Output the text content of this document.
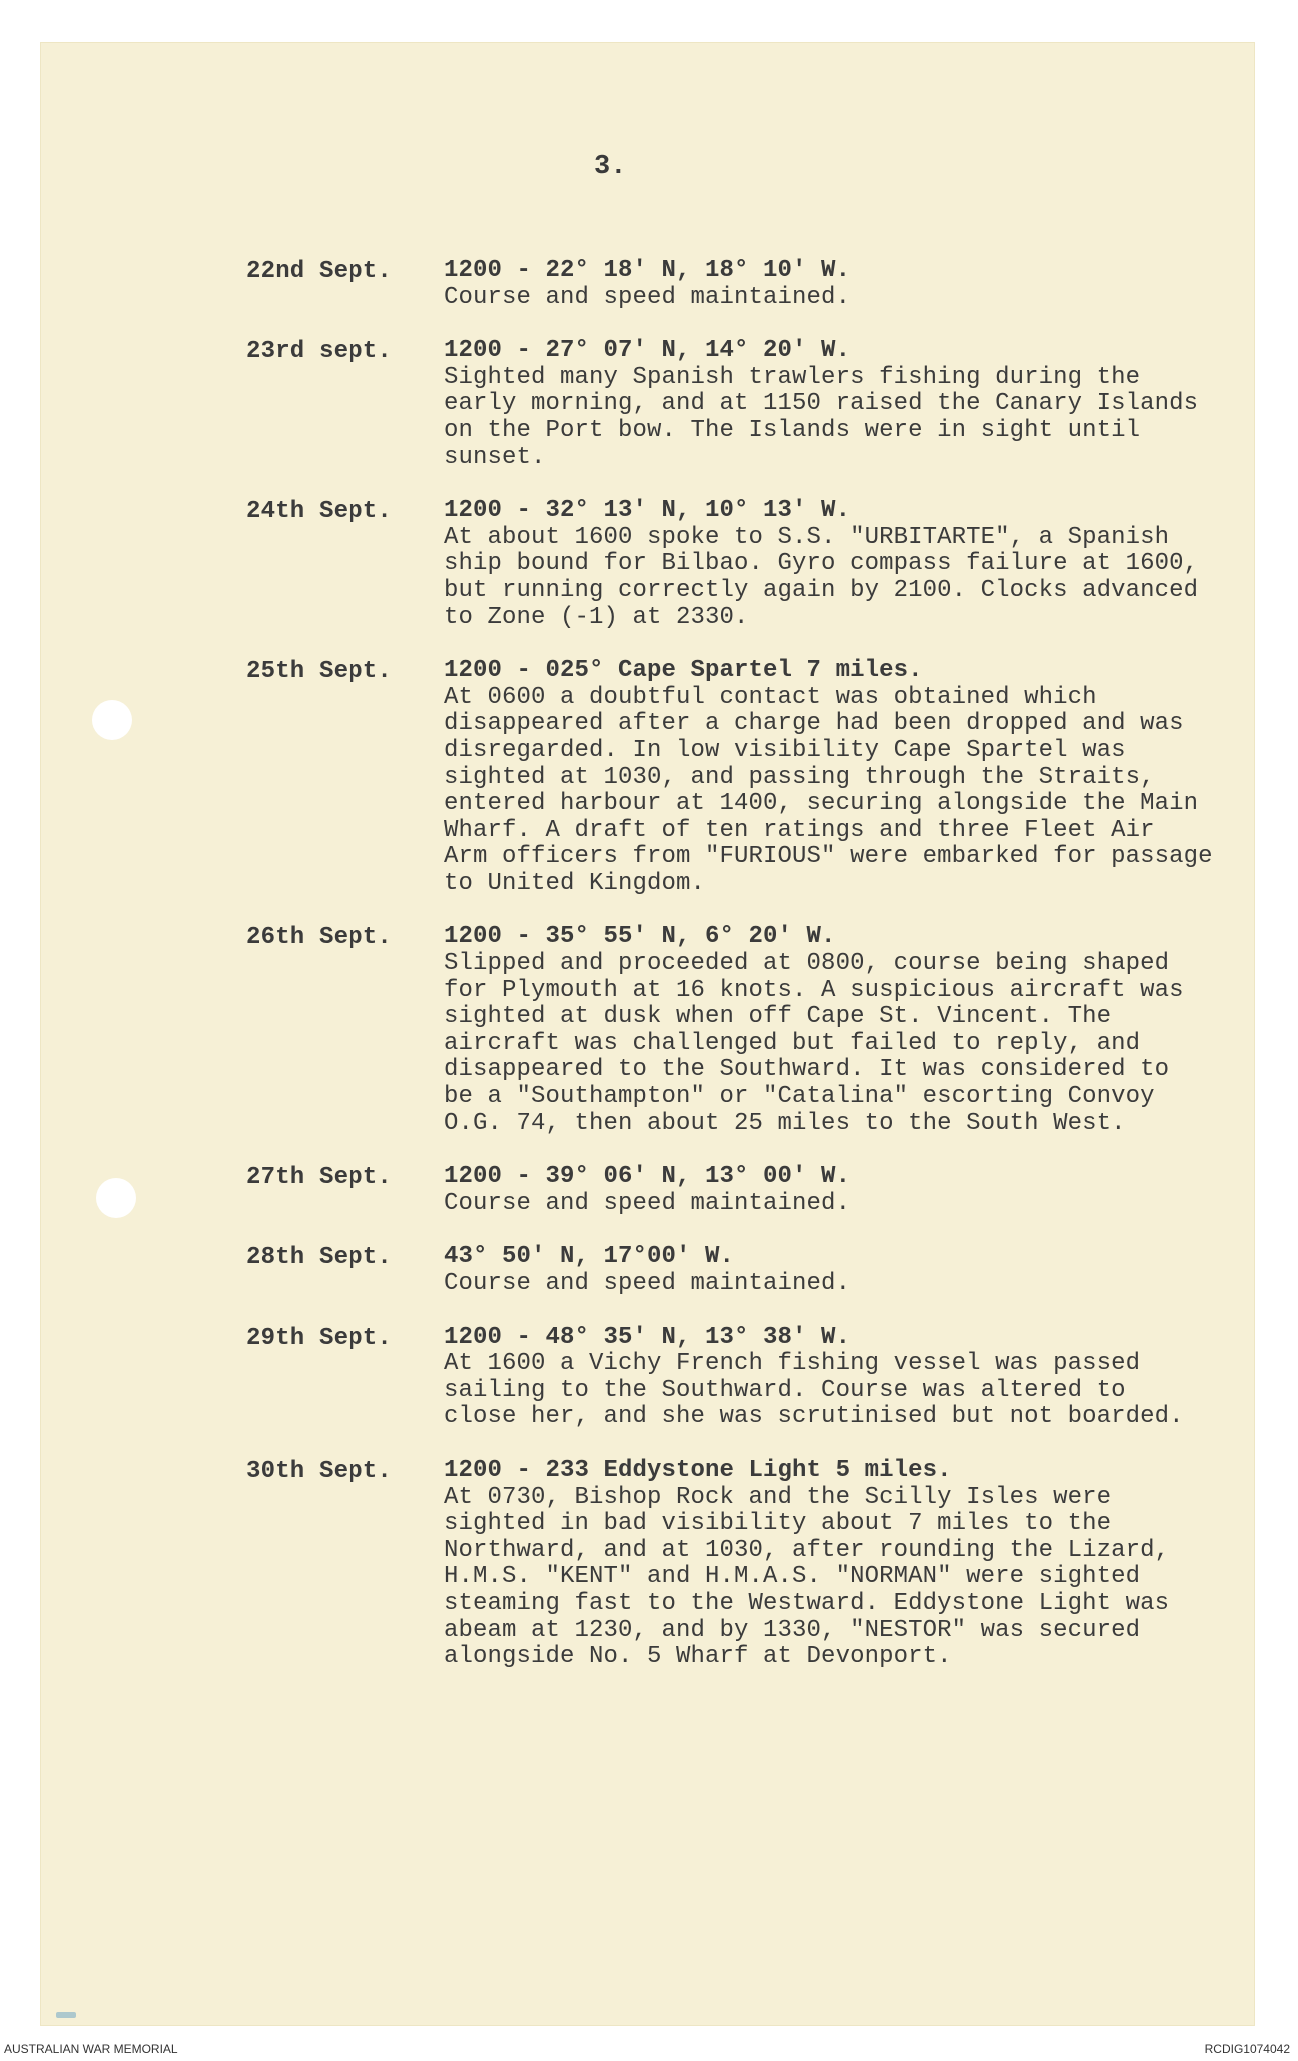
3.
22nd Sept.	1200 - 22° 18' N, 18° 10' W.
Course and speed maintained.
23rd sept.	1200 - 27° 07' N, 14° 20' W.
Sighted many Spanish trawlers fishing during the
early morning, and at 1150 raised the Canary Islands
on the Port bow. The Islands were in sight until
sunset.
24th Sept.	1200 - 32° 13' N, 10° 13' W.
At about 1600 spoke to S.S. "URBITARTE", a Spanish
ship bound for Bilbao. Gyro compass failure at 1600,
but running correctly again by 2100. Clocks advanced
to Zone (-1) at 2330.
25th Sept.	1200 - 025° Cape Spartel 7 miles.
At 0600 a doubtful contact was obtained which
disappeared after a charge had been dropped and was
disregarded. In low visibility Cape Spartel was
sighted at 1030, and passing through the Straits,
entered harbour at 1400, securing alongside the Main
Wharf. A draft of ten ratings and three Fleet Air
Arm officers from "FURIOUS" were embarked for passage
to United Kingdom.
26th Sept.	1200 - 35° 55' N, 6° 20' W.
Slipped and proceeded at 0800, course being shaped
for Plymouth at 16 knots. A suspicious aircraft was
sighted at dusk when off Cape St. Vincent. The
aircraft was challenged but failed to reply, and
disappeared to the Southward. It was considered to
be a "Southampton" or "Catalina" escorting Convoy
O.G. 74, then about 25 miles to the South West.
27th Sept.	1200 - 39° 06' N, 13° 00' W.
Course and speed maintained.
28th Sept.	43° 50' N, 17°00' W.
Course and speed maintained.
29th Sept.	1200 - 48° 35' N, 13° 38' W.
At 1600 a Vichy French fishing vessel was passed
sailing to the Southward. Course was altered to
close her, and she was scrutinised but not boarded.
30th Sept.	1200 - 233 Eddystone Light 5 miles.
At 0730, Bishop Rock and the Scilly Isles were
sighted in bad visibility about 7 miles to the
Northward, and at 1030, after rounding the Lizard,
H.M.S. "KENT" and H.M.A.S. "NORMAN" were sighted
steaming fast to the Westward. Eddystone Light was
abeam at 1230, and by 1330, "NESTOR" was secured
alongside No. 5 Wharf at Devonport.
AUSTRALIAN WAR MEMORIAL	RCDIG1074042
